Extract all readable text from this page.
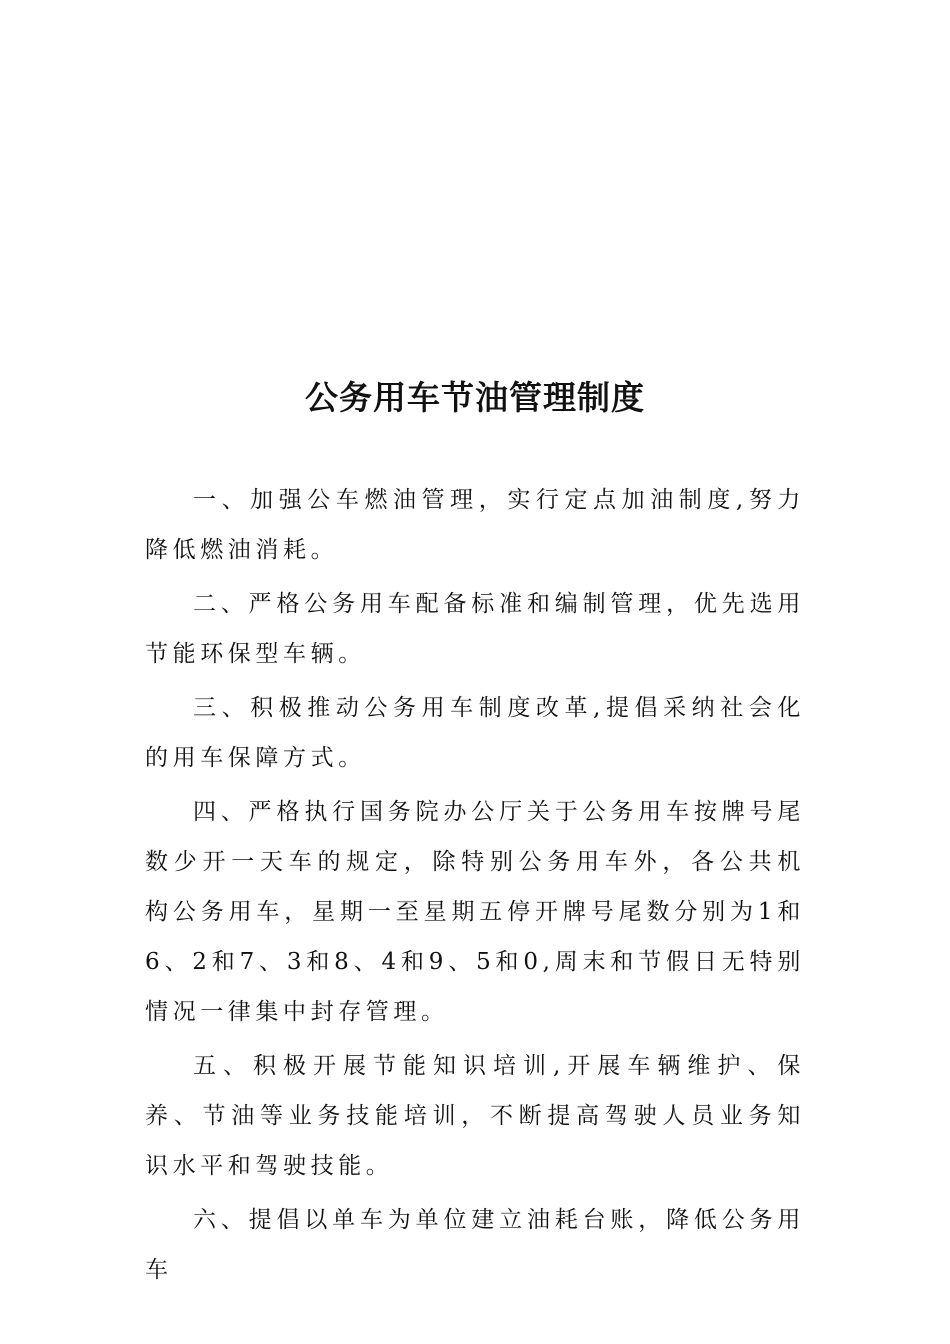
公务用车节油管理制度

一、加强公车燃油管理，实行定点加油制度,努力降低燃油消耗。

二、严格公务用车配备标准和编制管理，优先选用节能环保型车辆。

三、积极推动公务用车制度改革,提倡采纳社会化的用车保障方式。

四、严格执行国务院办公厅关于公务用车按牌号尾数少开一天车的规定，除特别公务用车外，各公共机构公务用车，星期一至星期五停开牌号尾数分别为1和6、2和7、3和8、4和9、5和0,周末和节假日无特别情况一律集中封存管理。

五、积极开展节能知识培训,开展车辆维护、保养、节油等业务技能培训，不断提高驾驶人员业务知识水平和驾驶技能。

六、提倡以单车为单位建立油耗台账，降低公务用车
